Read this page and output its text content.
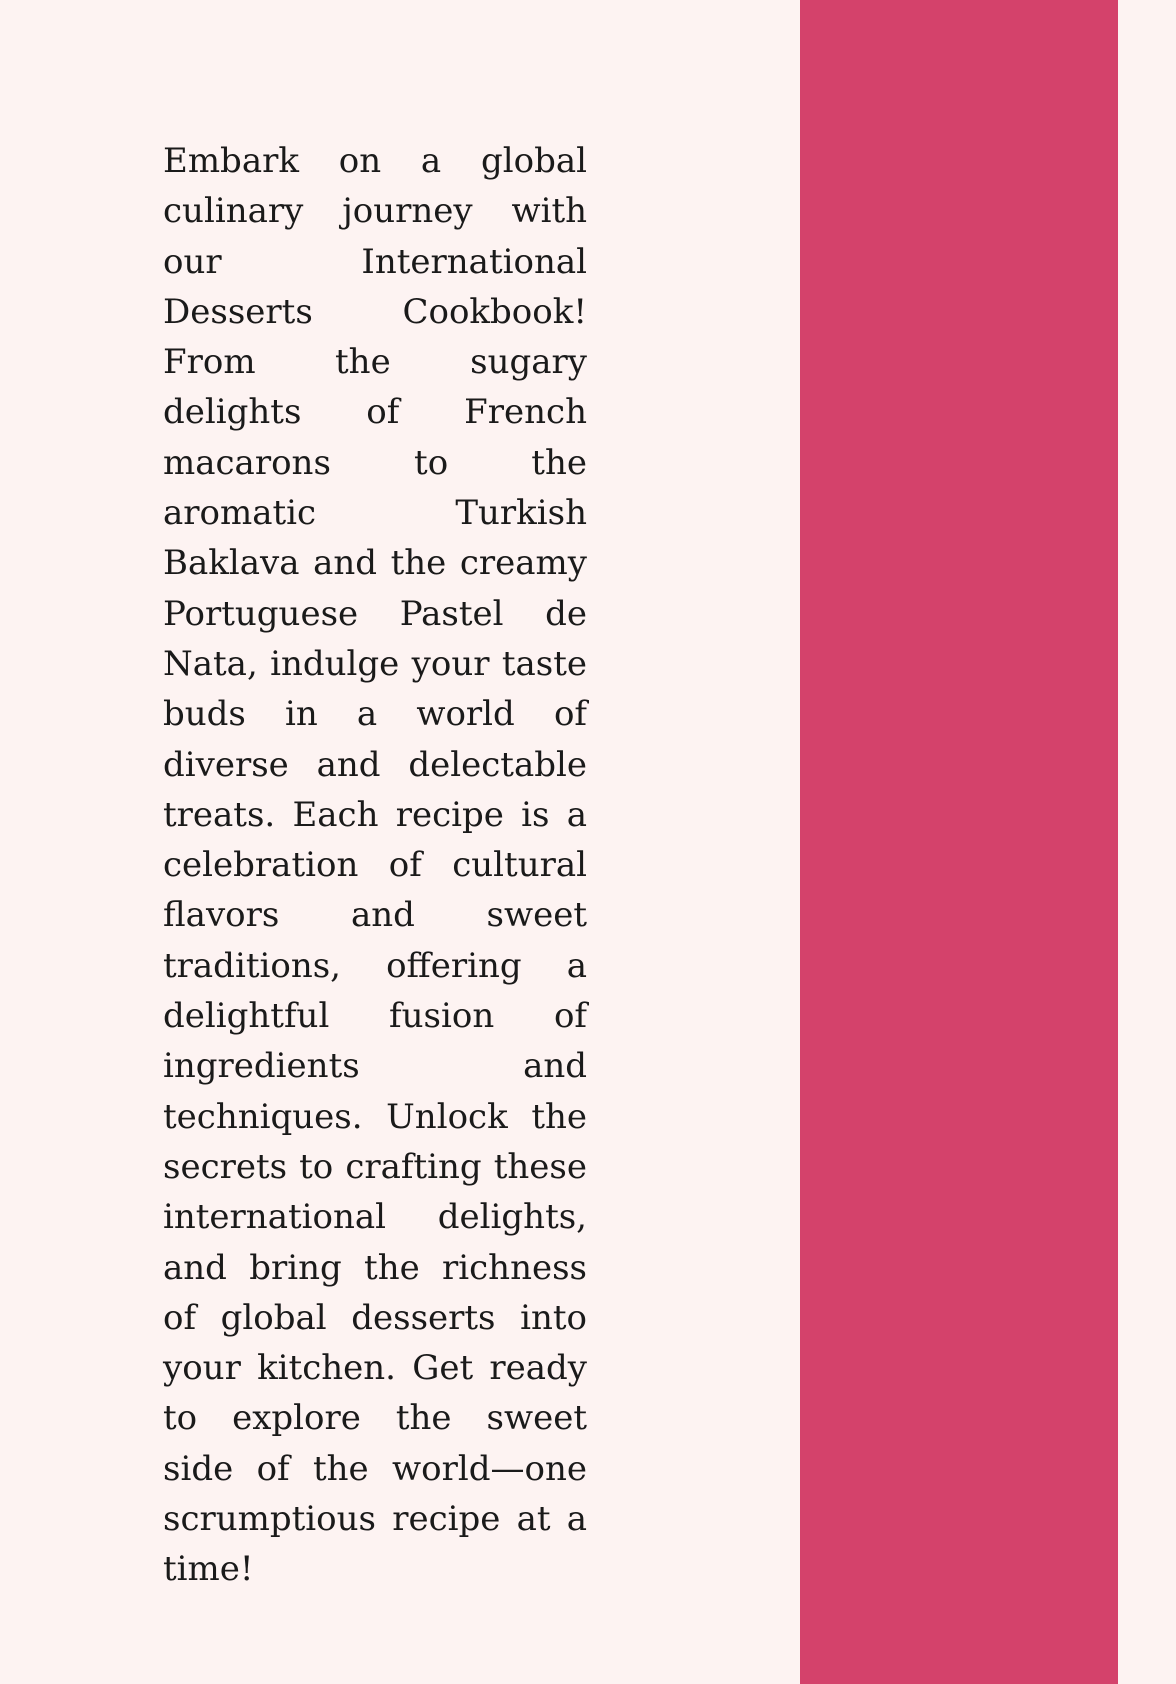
Embark on a global culinary journey with our International Desserts Cookbook! From the sugary delights of French macarons to the aromatic Turkish Baklava and the creamy Portuguese Pastel de Nata, indulge your taste buds in a world of diverse and delectable treats. Each recipe is a celebration of cultural flavors and sweet traditions, offering a delightful fusion of ingredients and techniques. Unlock the secrets to crafting these international delights, and bring the richness of global desserts into your kitchen. Get ready to explore the sweet side of the world—one scrumptious recipe at a time!
